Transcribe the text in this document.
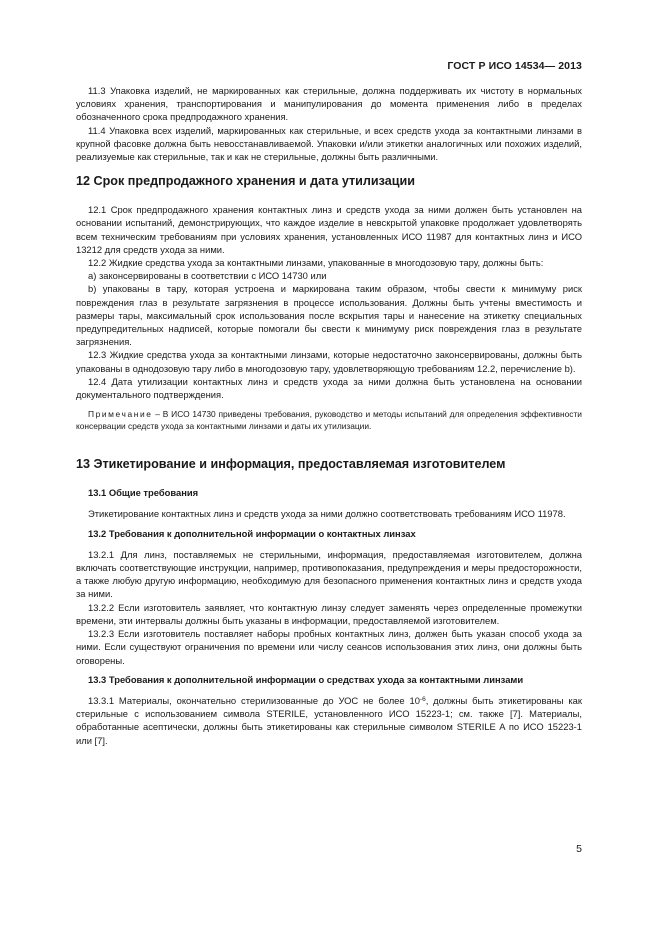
ГОСТ Р ИСО 14534— 2013

11.3 Упаковка изделий, не маркированных как стерильные, должна поддерживать их чистоту в нормальных условиях хранения, транспортирования и манипулирования до момента применения либо в пределах обозначенного срока предпродажного хранения.

11.4 Упаковка всех изделий, маркированных как стерильные, и всех средств ухода за контактными линзами в крупной фасовке должна быть невосстанавливаемой. Упаковки и/или этикетки аналогичных или похожих изделий, реализуемые как стерильные, так и как не стерильные, должны быть различными.

12 Срок предпродажного хранения и дата утилизации

12.1 Срок предпродажного хранения контактных линз и средств ухода за ними должен быть установлен на основании испытаний, демонстрирующих, что каждое изделие в невскрытой упаковке продолжает удовлетворять всем техническим требованиям при условиях хранения, установленных ИСО 11987 для контактных линз и ИСО 13212 для средств ухода за ними.

12.2 Жидкие средства ухода за контактными линзами, упакованные в многодозовую тару, должны быть:

а) законсервированы в соответствии с ИСО 14730 или

b) упакованы в тару, которая устроена и маркирована таким образом, чтобы свести к минимуму риск повреждения глаз в результате загрязнения в процессе использования. Должны быть учтены вместимость и размеры тары, максимальный срок использования после вскрытия тары и нанесение на этикетку специальных предупредительных надписей, которые помогали бы свести к минимуму риск повреждения глаз в результате загрязнения.

12.3 Жидкие средства ухода за контактными линзами, которые недостаточно законсервированы, должны быть упакованы в однодозовую тару либо в многодозовую тару, удовлетворяющую требованиям 12.2, перечисление b).

12.4 Дата утилизации контактных линз и средств ухода за ними должна быть установлена на основании документального подтверждения.

Примечание – В ИСО 14730 приведены требования, руководство и методы испытаний для определения эффективности консервации средств ухода за контактными линзами и даты их утилизации.

13 Этикетирование и информация, предоставляемая изготовителем
13.1 Общие требования

Этикетирование контактных линз и средств ухода за ними должно соответствовать требованиям ИСО 11978.

13.2 Требования к дополнительной информации о контактных линзах

13.2.1 Для линз, поставляемых не стерильными, информация, предоставляемая изготовителем, должна включать соответствующие инструкции, например, противопоказания, предупреждения и меры предосторожности, а также любую другую информацию, необходимую для безопасного применения контактных линз и средств ухода за ними.

13.2.2 Если изготовитель заявляет, что контактную линзу следует заменять через определенные промежутки времени, эти интервалы должны быть указаны в информации, предоставляемой изготовителем.

13.2.3 Если изготовитель поставляет наборы пробных контактных линз, должен быть указан способ ухода за ними. Если существуют ограничения по времени или числу сеансов использования этих линз, они должны быть оговорены.

13.3 Требования к дополнительной информации о средствах ухода за контактными линзами

13.3.1 Материалы, окончательно стерилизованные до УОС не более $10^{-6}$, должны быть этикетированы как стерильные с использованием символа STERILE, установленного ИСО 15223-1; см. также [7]. Материалы, обработанные асептически, должны быть этикетированы как стерильные символом STERILE A по ИСО 15223-1 или [7].

5
